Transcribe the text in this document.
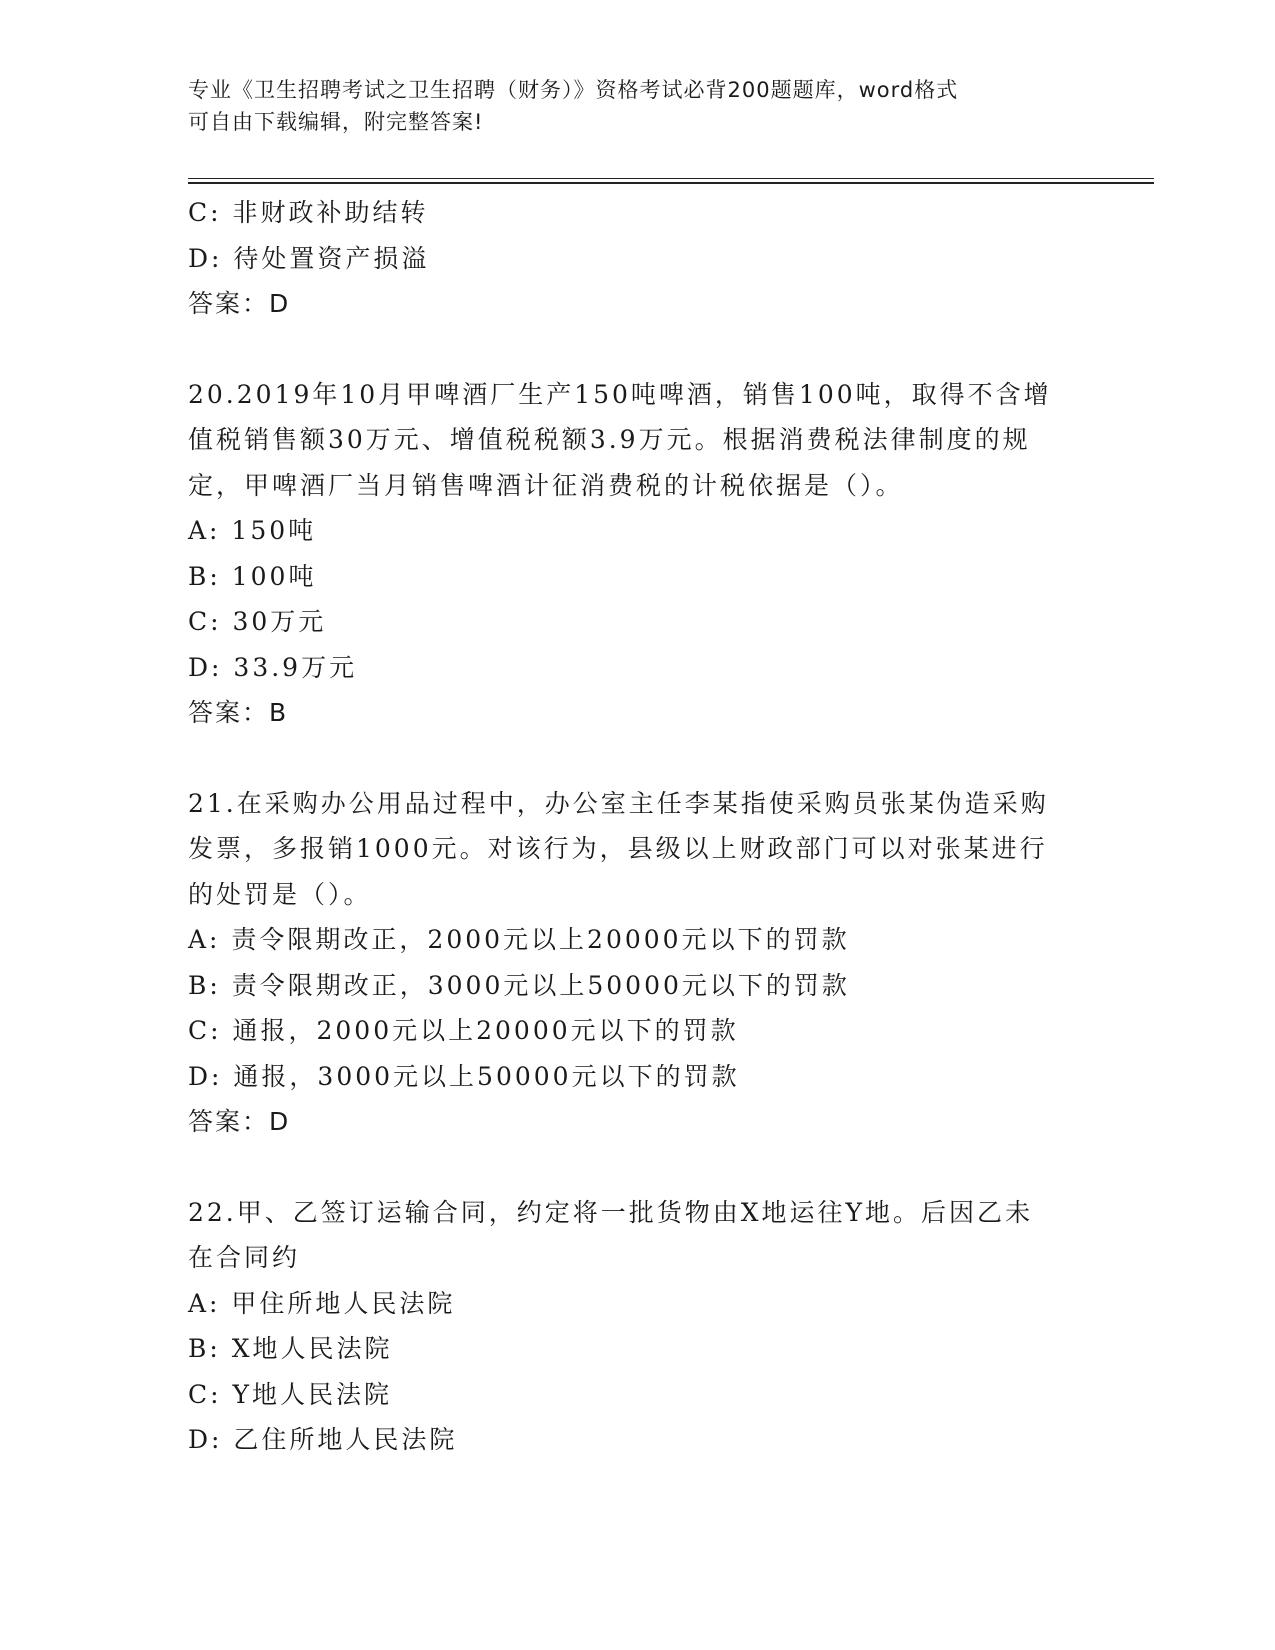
专业《卫生招聘考试之卫生招聘（财务）》资格考试必背200题题库，word格式
可自由下载编辑，附完整答案!
C: 非财政补助结转
D: 待处置资产损溢
答案：D
20.2019年10月甲啤酒厂生产150吨啤酒，销售100吨，取得不含增
值税销售额30万元、增值税税额3.9万元。根据消费税法律制度的规
定，甲啤酒厂当月销售啤酒计征消费税的计税依据是（）。
A: 150吨
B: 100吨
C: 30万元
D: 33.9万元
答案：B
21.在采购办公用品过程中，办公室主任李某指使采购员张某伪造采购
发票，多报销1000元。对该行为，县级以上财政部门可以对张某进行
的处罚是（）。
A: 责令限期改正，2000元以上20000元以下的罚款
B: 责令限期改正，3000元以上50000元以下的罚款
C: 通报，2000元以上20000元以下的罚款
D: 通报，3000元以上50000元以下的罚款
答案：D
22.甲、乙签订运输合同，约定将一批货物由X地运往Y地。后因乙未
在合同约
A: 甲住所地人民法院
B: X地人民法院
C: Y地人民法院
D: 乙住所地人民法院
